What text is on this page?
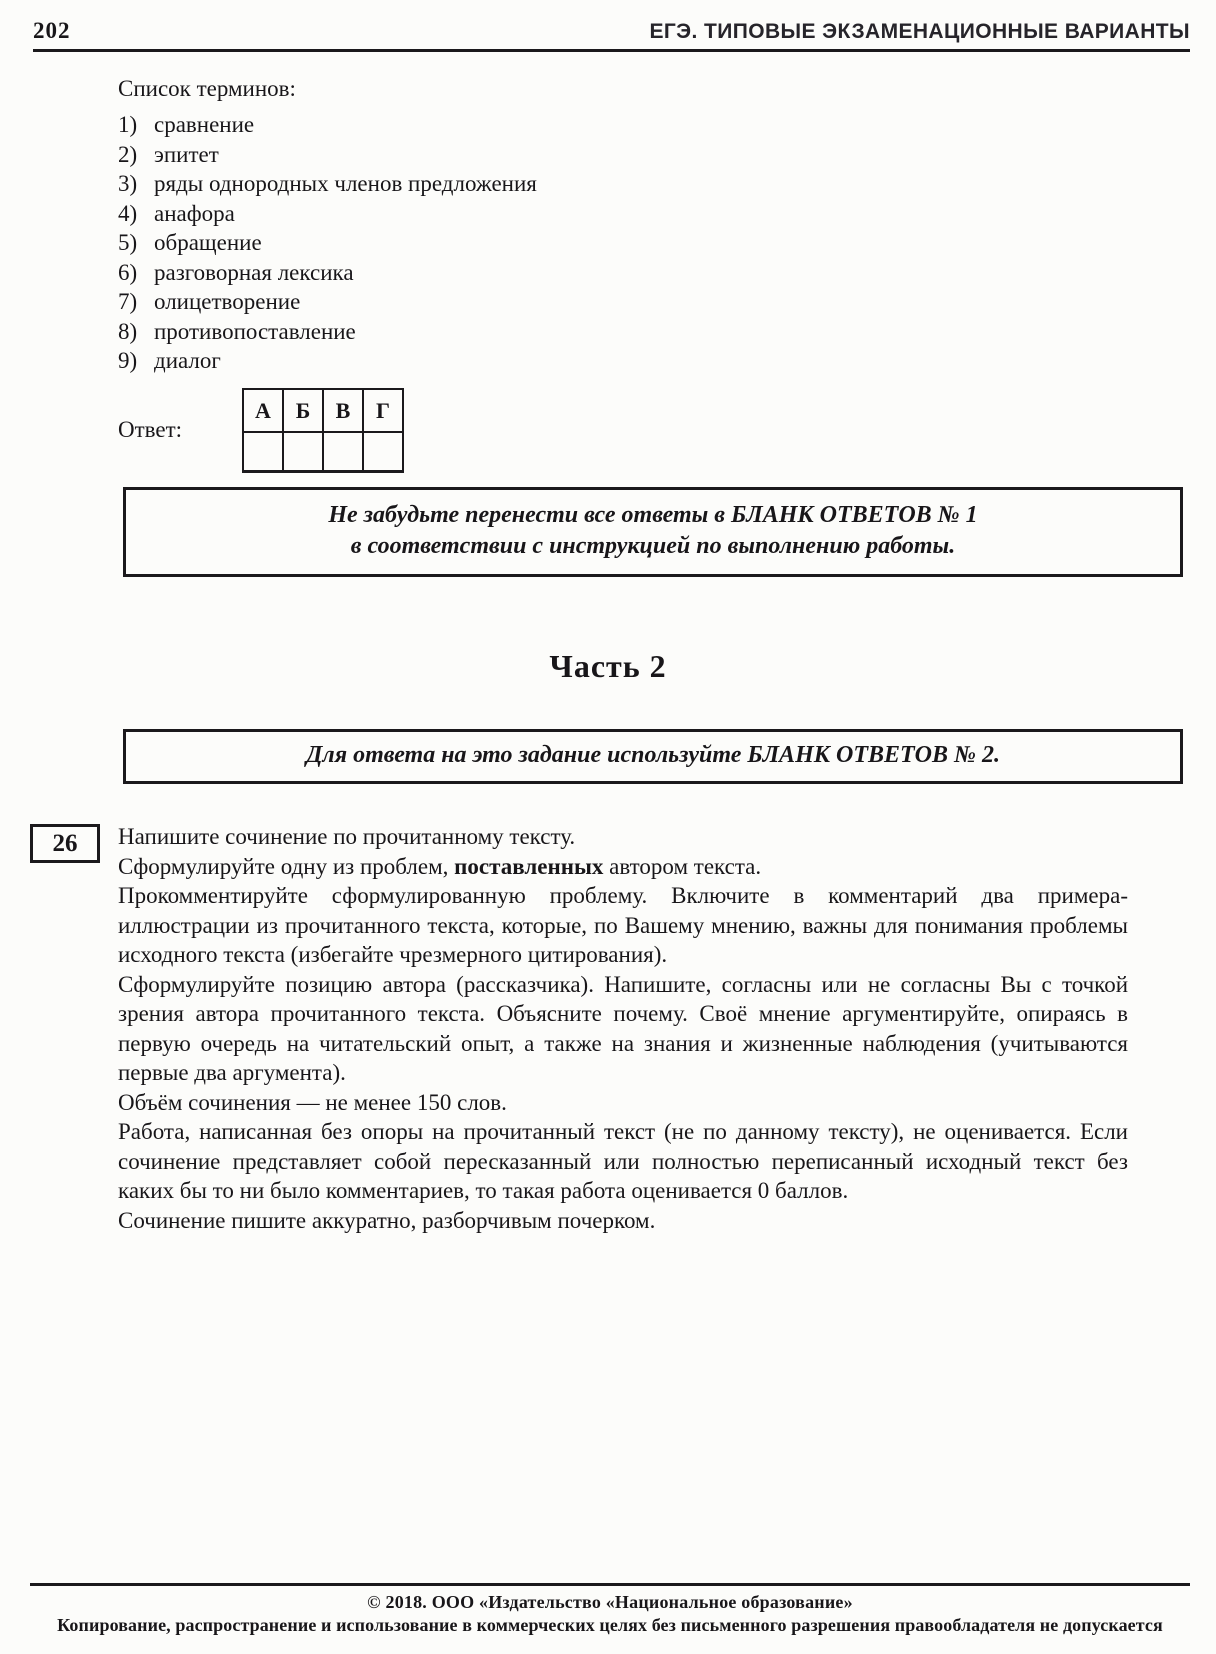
202	ЕГЭ. ТИПОВЫЕ ЭКЗАМЕНАЦИОННЫЕ ВАРИАНТЫ
Список терминов:
1) сравнение
2) эпитет
3) ряды однородных членов предложения
4) анафора
5) обращение
6) разговорная лексика
7) олицетворение
8) противопоставление
9) диалог
Ответ:
А	Б	В	Г

Не забудьте перенести все ответы в БЛАНК ОТВЕТОВ № 1
в соответствии с инструкцией по выполнению работы.
Часть 2
Для ответа на это задание используйте БЛАНК ОТВЕТОВ № 2.
26	Напишите сочинение по прочитанному тексту.

Сформулируйте одну из проблем, поставленных автором текста.

Прокомментируйте сформулированную проблему. Включите в комментарий два примера-иллюстрации из прочитанного текста, которые, по Вашему мнению, важны для понимания проблемы исходного текста (избегайте чрезмерного цитирования).

Сформулируйте позицию автора (рассказчика). Напишите, согласны или не согласны Вы с точкой зрения автора прочитанного текста. Объясните почему. Своё мнение аргументируйте, опираясь в первую очередь на читательский опыт, а также на знания и жизненные наблюдения (учитываются первые два аргумента).

Объём сочинения — не менее 150 слов.

Работа, написанная без опоры на прочитанный текст (не по данному тексту), не оценивается. Если сочинение представляет собой пересказанный или полностью переписанный исходный текст без каких бы то ни было комментариев, то такая работа оценивается 0 баллов.

Сочинение пишите аккуратно, разборчивым почерком.

© 2018. ООО «Издательство «Национальное образование»
Копирование, распространение и использование в коммерческих целях без письменного разрешения правообладателя не допускается
